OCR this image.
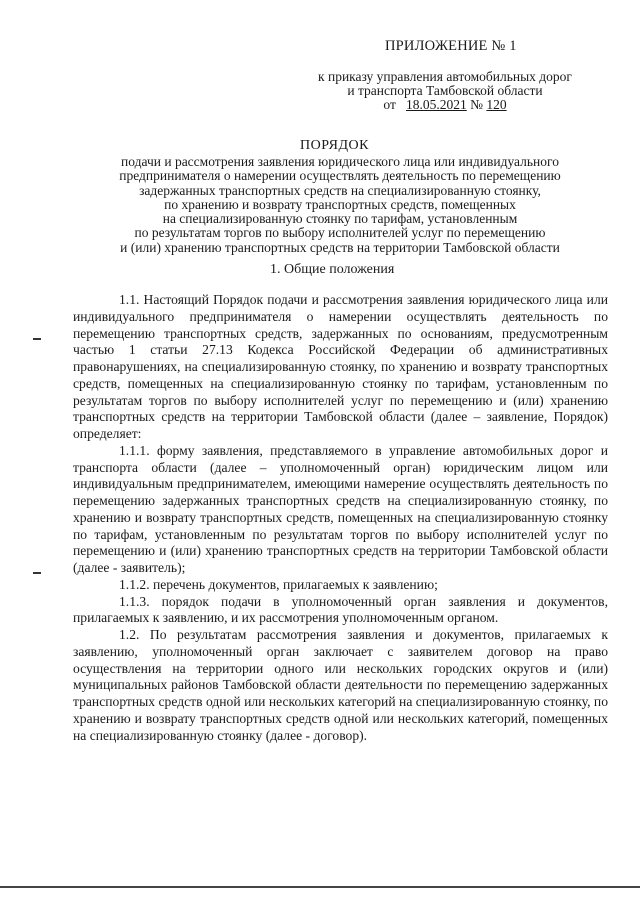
ПРИЛОЖЕНИЕ № 1
к приказу управления автомобильных дорог
и транспорта Тамбовской области
от 18.05.2021 № 120
ПОРЯДОК
подачи и рассмотрения заявления юридического лица или индивидуального
предпринимателя о намерении осуществлять деятельность по перемещению
задержанных транспортных средств на специализированную стоянку,
по хранению и возврату транспортных средств, помещенных
на специализированную стоянку по тарифам, установленным
по результатам торгов по выбору исполнителей услуг по перемещению
и (или) хранению транспортных средств на территории Тамбовской области
1. Общие положения

1.1. Настоящий Порядок подачи и рассмотрения заявления юридического лица или индивидуального предпринимателя о намерении осуществлять деятельность по перемещению транспортных средств, задержанных по основаниям, предусмотренным частью 1 статьи 27.13 Кодекса Российской Федерации об административных правонарушениях, на специализированную стоянку, по хранению и возврату транспортных средств, помещенных на специализированную стоянку по тарифам, установленным по результатам торгов по выбору исполнителей услуг по перемещению и (или) хранению транспортных средств на территории Тамбовской области (далее – заявление, Порядок) определяет:

1.1.1. форму заявления, представляемого в управление автомобильных дорог и транспорта области (далее – уполномоченный орган) юридическим лицом или индивидуальным предпринимателем, имеющими намерение осуществлять деятельность по перемещению задержанных транспортных средств на специализированную стоянку, по хранению и возврату транспортных средств, помещенных на специализированную стоянку по тарифам, установленным по результатам торгов по выбору исполнителей услуг по перемещению и (или) хранению транспортных средств на территории Тамбовской области (далее - заявитель);

1.1.2. перечень документов, прилагаемых к заявлению;

1.1.3. порядок подачи в уполномоченный орган заявления и документов, прилагаемых к заявлению, и их рассмотрения уполномоченным органом.

1.2. По результатам рассмотрения заявления и документов, прилагаемых к заявлению, уполномоченный орган заключает с заявителем договор на право осуществления на территории одного или нескольких городских округов и (или) муниципальных районов Тамбовской области деятельности по перемещению задержанных транспортных средств одной или нескольких категорий на специализированную стоянку, по хранению и возврату транспортных средств одной или нескольких категорий, помещенных на специализированную стоянку (далее - договор).
